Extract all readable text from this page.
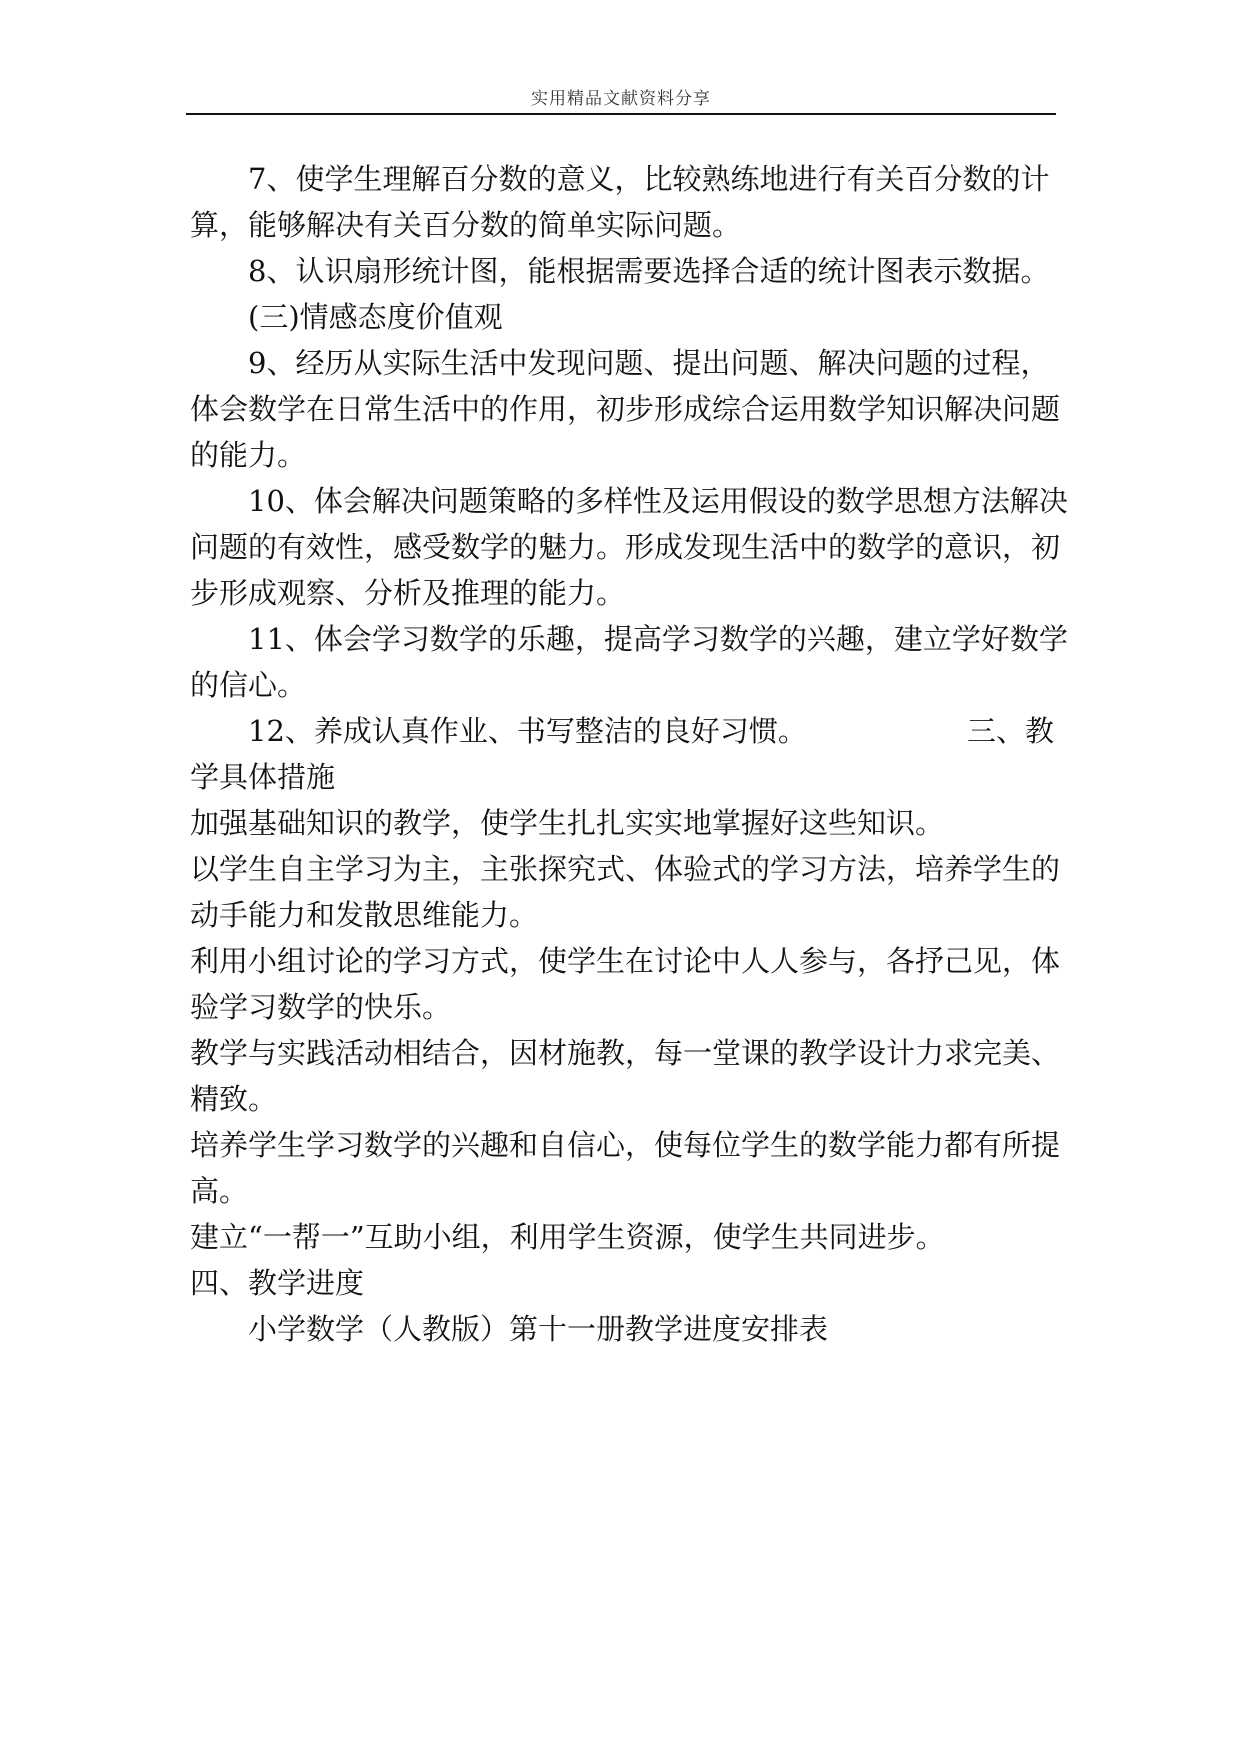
实用精品文献资料分享

7、使学生理解百分数的意义，比较熟练地进行有关百分数的计

算，能够解决有关百分数的简单实际问题。

8、认识扇形统计图，能根据需要选择合适的统计图表示数据。

(三)情感态度价值观

9、经历从实际生活中发现问题、提出问题、解决问题的过程，

体会数学在日常生活中的作用，初步形成综合运用数学知识解决问题

的能力。

10、体会解决问题策略的多样性及运用假设的数学思想方法解决

问题的有效性，感受数学的魅力。形成发现生活中的数学的意识，初

步形成观察、分析及推理的能力。

11、体会学习数学的乐趣，提高学习数学的兴趣，建立学好数学

的信心。

12、养成认真作业、书写整洁的良好习惯。	三、教

学具体措施

加强基础知识的教学，使学生扎扎实实地掌握好这些知识。

以学生自主学习为主，主张探究式、体验式的学习方法，培养学生的

动手能力和发散思维能力。

利用小组讨论的学习方式，使学生在讨论中人人参与，各抒己见，体

验学习数学的快乐。

教学与实践活动相结合，因材施教，每一堂课的教学设计力求完美、

精致。

培养学生学习数学的兴趣和自信心，使每位学生的数学能力都有所提

高。

建立“一帮一”互助小组，利用学生资源，使学生共同进步。

四、教学进度

小学数学（人教版）第十一册教学进度安排表
